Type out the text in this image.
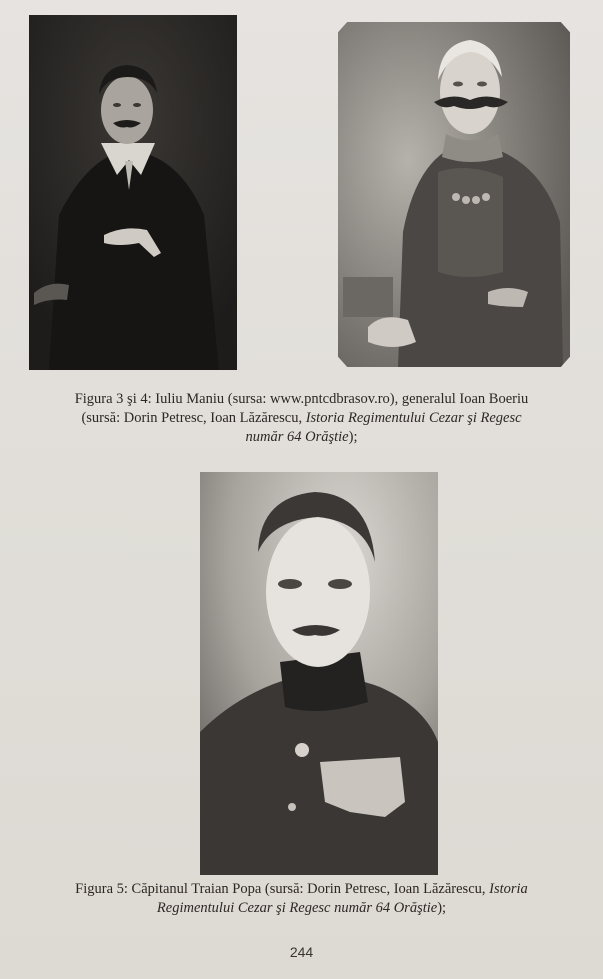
Figura 3 şi 4: Iuliu Maniu (sursa: www.pntcdbrasov.ro), generalul Ioan Boeriu
(sursă: Dorin Petresc, Ioan Lăzărescu, Istoria Regimentului Cezar şi Regesc
număr 64 Orăştie);
Figura 5: Căpitanul Traian Popa (sursă: Dorin Petresc, Ioan Lăzărescu, Istoria
Regimentului Cezar şi Regesc număr 64 Orăştie);
244
